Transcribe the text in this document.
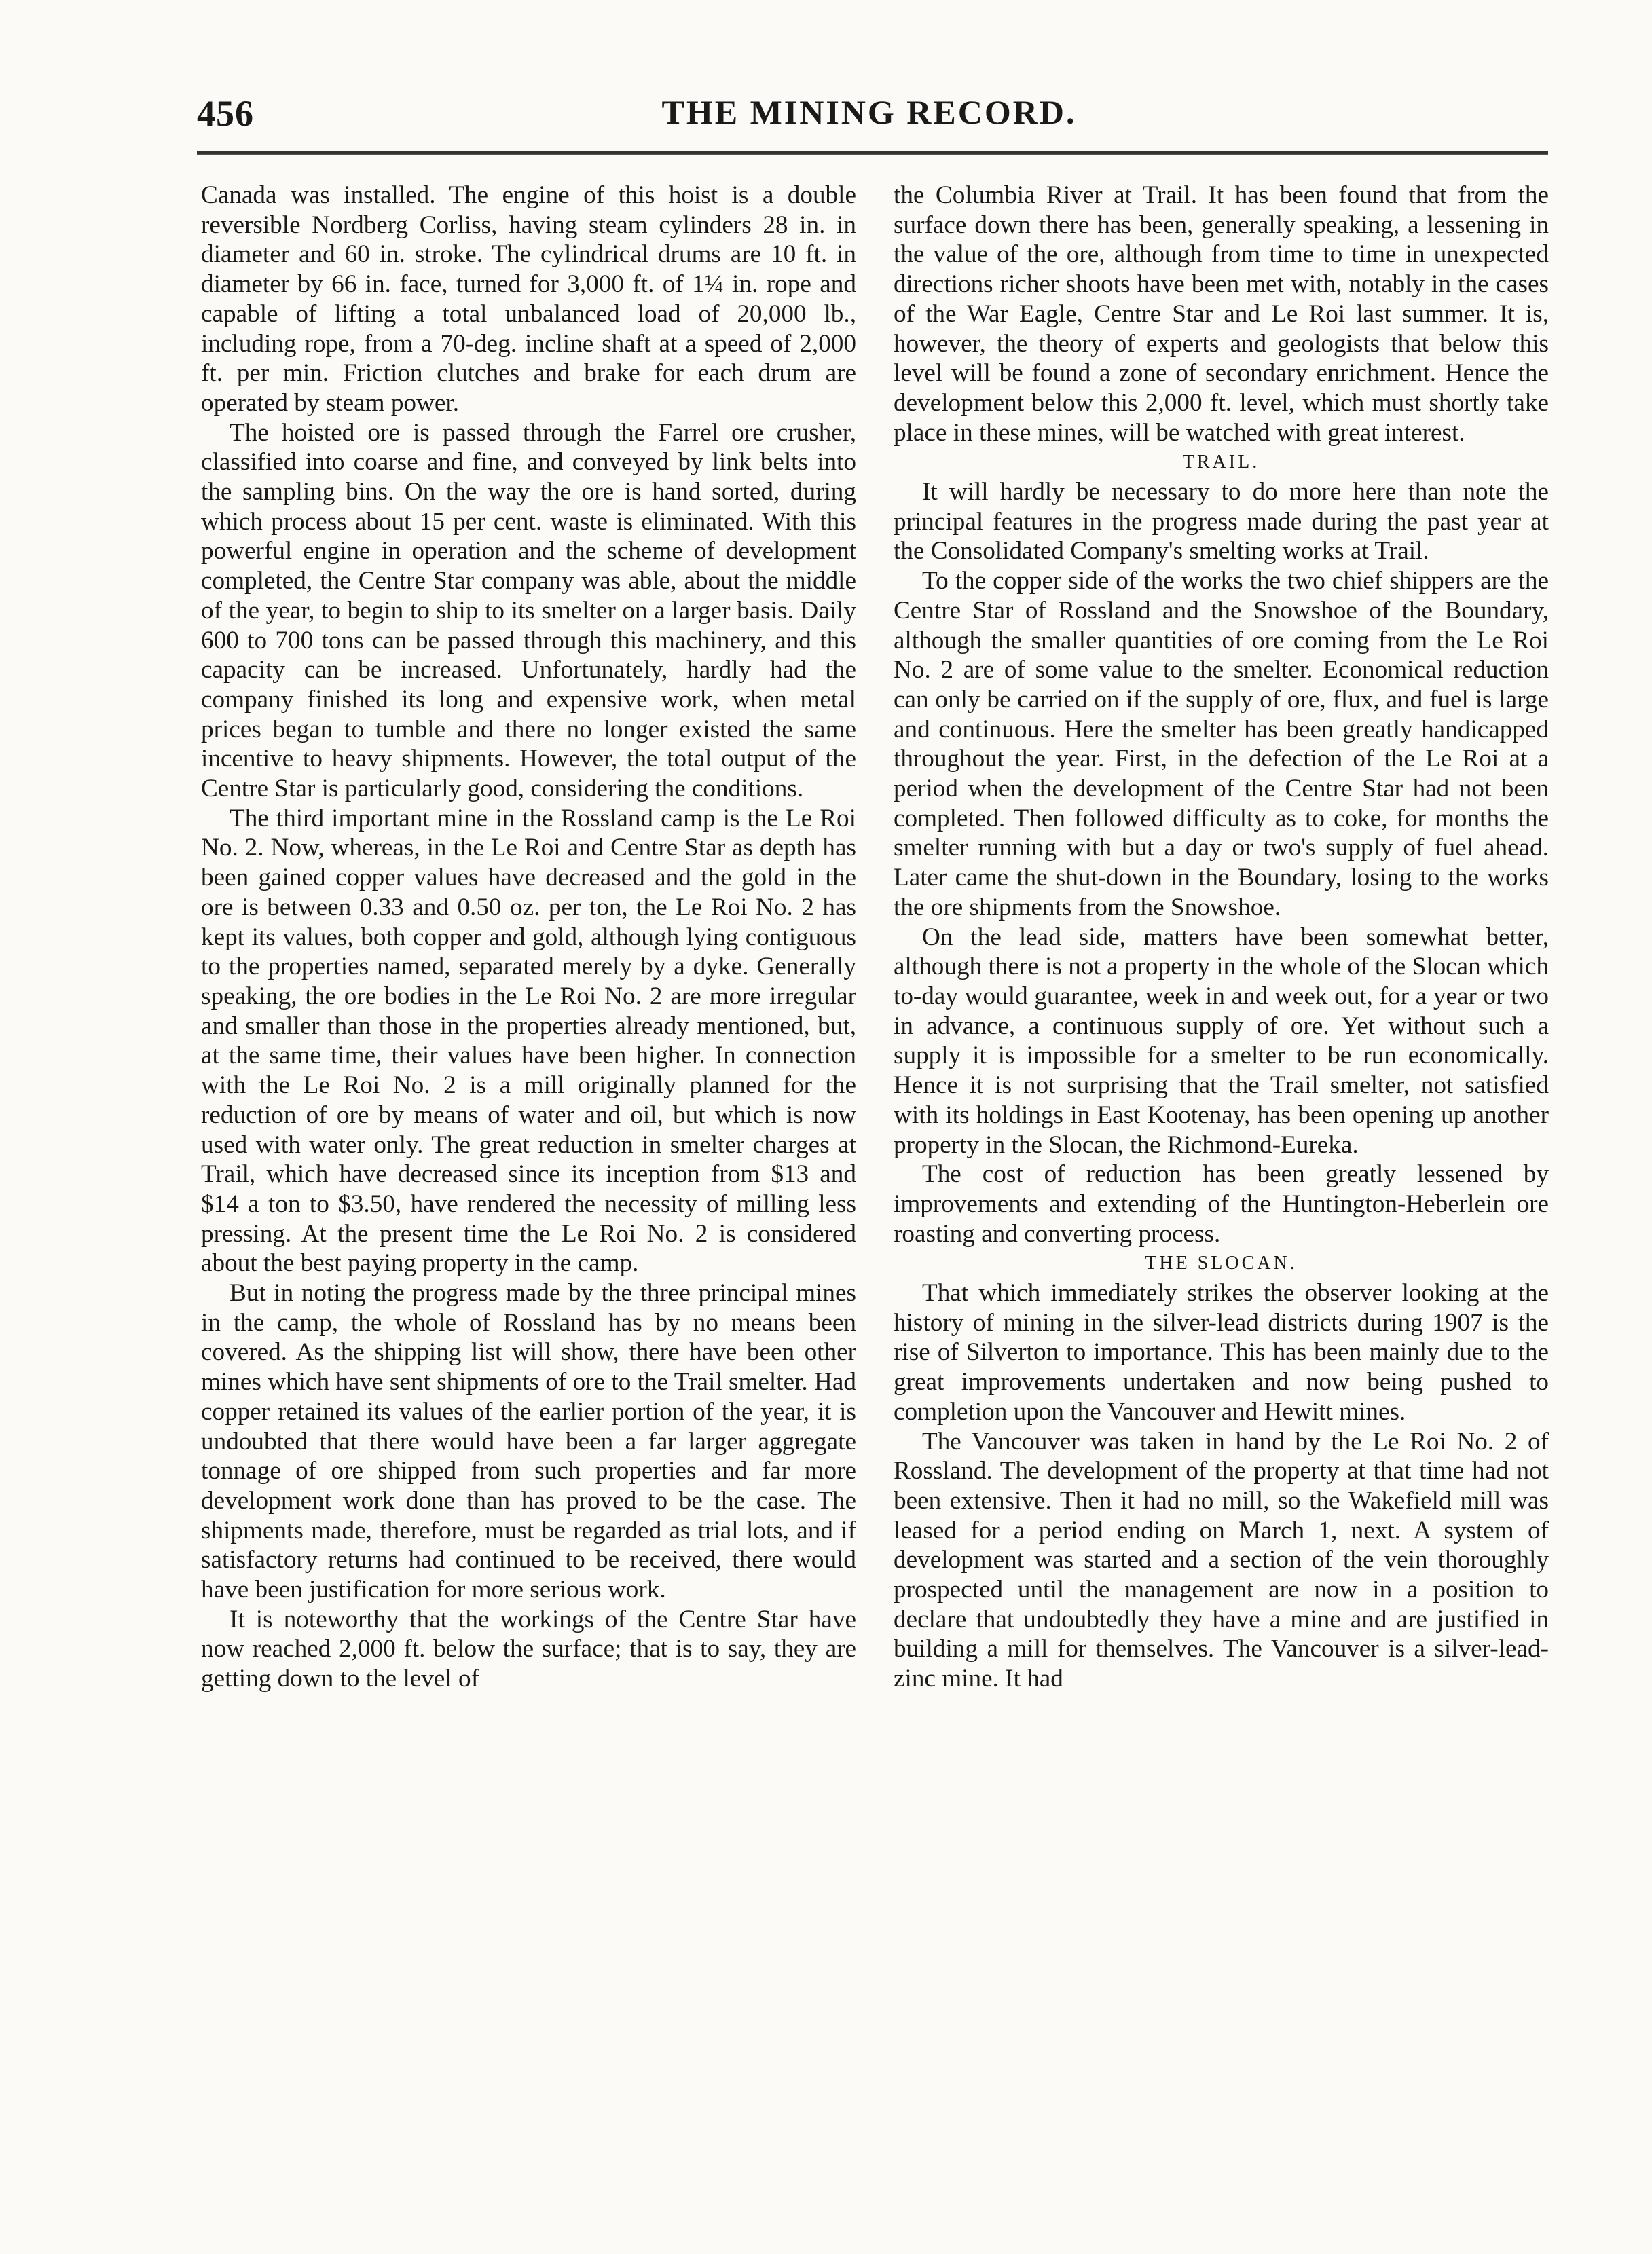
456	THE MINING RECORD.

Canada was installed. The engine of this hoist is a double reversible Nordberg Corliss, having steam cylinders 28 in. in diameter and 60 in. stroke. The cylindrical drums are 10 ft. in diameter by 66 in. face, turned for 3,000 ft. of 1¼ in. rope and capable of lifting a total unbalanced load of 20,000 lb., including rope, from a 70-deg. incline shaft at a speed of 2,000 ft. per min. Friction clutches and brake for each drum are operated by steam power.

The hoisted ore is passed through the Farrel ore crusher, classified into coarse and fine, and conveyed by link belts into the sampling bins. On the way the ore is hand sorted, during which process about 15 per cent. waste is eliminated. With this powerful engine in operation and the scheme of development completed, the Centre Star company was able, about the middle of the year, to begin to ship to its smelter on a larger basis. Daily 600 to 700 tons can be passed through this machinery, and this capacity can be increased. Unfortunately, hardly had the company finished its long and expensive work, when metal prices began to tumble and there no longer existed the same incentive to heavy shipments. However, the total output of the Centre Star is particularly good, considering the conditions.

The third important mine in the Rossland camp is the Le Roi No. 2. Now, whereas, in the Le Roi and Centre Star as depth has been gained copper values have decreased and the gold in the ore is between 0.33 and 0.50 oz. per ton, the Le Roi No. 2 has kept its values, both copper and gold, although lying contiguous to the properties named, separated merely by a dyke. Generally speaking, the ore bodies in the Le Roi No. 2 are more irregular and smaller than those in the properties already mentioned, but, at the same time, their values have been higher. In connection with the Le Roi No. 2 is a mill originally planned for the reduction of ore by means of water and oil, but which is now used with water only. The great reduction in smelter charges at Trail, which have decreased since its inception from $13 and $14 a ton to $3.50, have rendered the necessity of milling less pressing. At the present time the Le Roi No. 2 is considered about the best paying property in the camp.

But in noting the progress made by the three principal mines in the camp, the whole of Rossland has by no means been covered. As the shipping list will show, there have been other mines which have sent shipments of ore to the Trail smelter. Had copper retained its values of the earlier portion of the year, it is undoubted that there would have been a far larger aggregate tonnage of ore shipped from such properties and far more development work done than has proved to be the case. The shipments made, therefore, must be regarded as trial lots, and if satisfactory returns had continued to be received, there would have been justification for more serious work.

It is noteworthy that the workings of the Centre Star have now reached 2,000 ft. below the surface; that is to say, they are getting down to the level of

the Columbia River at Trail. It has been found that from the surface down there has been, generally speaking, a lessening in the value of the ore, although from time to time in unexpected directions richer shoots have been met with, notably in the cases of the War Eagle, Centre Star and Le Roi last summer. It is, however, the theory of experts and geologists that below this level will be found a zone of secondary enrichment. Hence the development below this 2,000 ft. level, which must shortly take place in these mines, will be watched with great interest.

TRAIL.

It will hardly be necessary to do more here than note the principal features in the progress made during the past year at the Consolidated Company's smelting works at Trail.

To the copper side of the works the two chief shippers are the Centre Star of Rossland and the Snowshoe of the Boundary, although the smaller quantities of ore coming from the Le Roi No. 2 are of some value to the smelter. Economical reduction can only be carried on if the supply of ore, flux, and fuel is large and continuous. Here the smelter has been greatly handicapped throughout the year. First, in the defection of the Le Roi at a period when the development of the Centre Star had not been completed. Then followed difficulty as to coke, for months the smelter running with but a day or two's supply of fuel ahead. Later came the shut-down in the Boundary, losing to the works the ore shipments from the Snowshoe.

On the lead side, matters have been somewhat better, although there is not a property in the whole of the Slocan which to-day would guarantee, week in and week out, for a year or two in advance, a continuous supply of ore. Yet without such a supply it is impossible for a smelter to be run economically. Hence it is not surprising that the Trail smelter, not satisfied with its holdings in East Kootenay, has been opening up another property in the Slocan, the Richmond-Eureka.

The cost of reduction has been greatly lessened by improvements and extending of the Huntington-Heberlein ore roasting and converting process.

THE SLOCAN.

That which immediately strikes the observer looking at the history of mining in the silver-lead districts during 1907 is the rise of Silverton to importance. This has been mainly due to the great improvements undertaken and now being pushed to completion upon the Vancouver and Hewitt mines.

The Vancouver was taken in hand by the Le Roi No. 2 of Rossland. The development of the property at that time had not been extensive. Then it had no mill, so the Wakefield mill was leased for a period ending on March 1, next. A system of development was started and a section of the vein thoroughly prospected until the management are now in a position to declare that undoubtedly they have a mine and are justified in building a mill for themselves. The Vancouver is a silver-lead-zinc mine. It had
